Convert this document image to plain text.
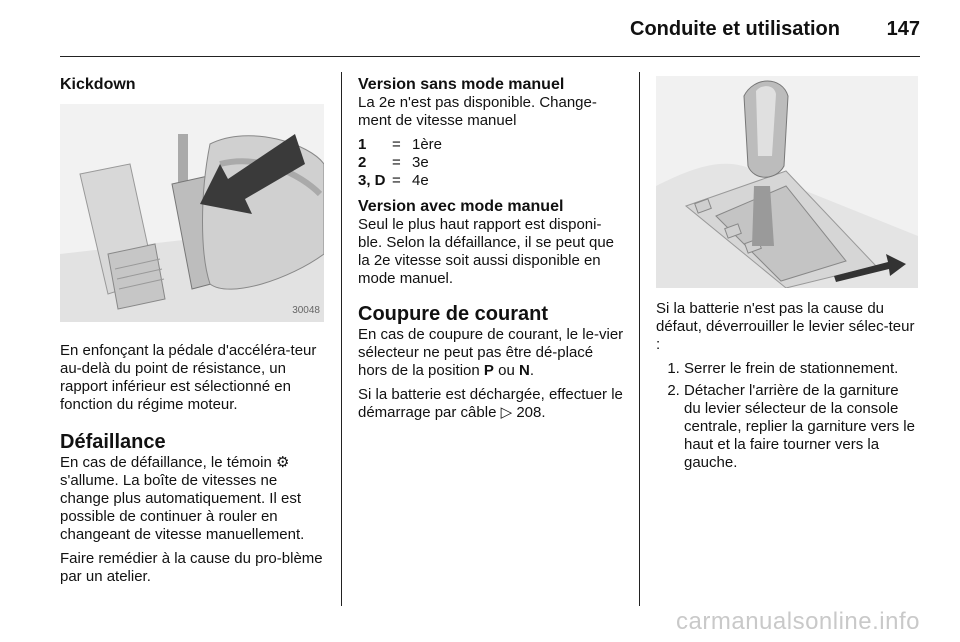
Conduite et utilisation 147
Kickdown
30048

En enfonçant la pédale d'accéléra-teur au-delà du point de résistance, un rapport inférieur est sélectionné en fonction du régime moteur.

Défaillance

En cas de défaillance, le témoin ⚙ s'allume. La boîte de vitesses ne change plus automatiquement. Il est possible de continuer à rouler en changeant de vitesse manuellement.

Faire remédier à la cause du pro-blème par un atelier.

Version sans mode manuel

La 2e n'est pas disponible. Change-ment de vitesse manuel

1	=	1ère
2	=	3e
3, D	=	4e
Version avec mode manuel

Seul le plus haut rapport est disponi-ble. Selon la défaillance, il se peut que la 2e vitesse soit aussi disponible en mode manuel.

Coupure de courant

En cas de coupure de courant, le le-vier sélecteur ne peut pas être dé-placé hors de la position P ou N.

Si la batterie est déchargée, effectuer le démarrage par câble ▷ 208.

Si la batterie n'est pas la cause du défaut, déverrouiller le levier sélec-teur :

1. Serrer le frein de stationnement.
2. Détacher l'arrière de la garniture du levier sélecteur de la console centrale, replier la garniture vers le haut et la faire tourner vers la gauche.
carmanualsonline.info
